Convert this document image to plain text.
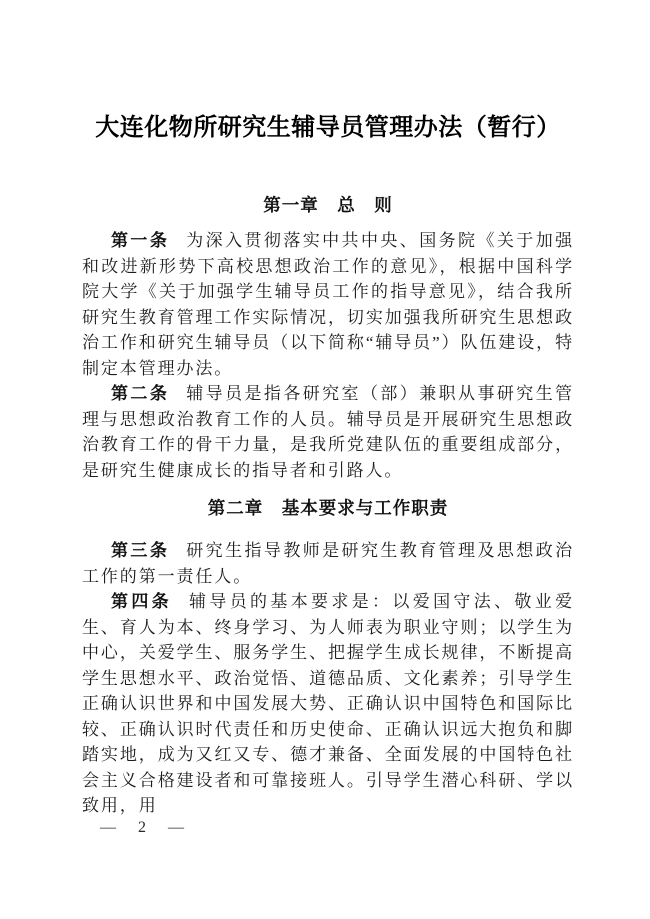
大连化物所研究生辅导员管理办法（暂行）
第一章　总　则

第一条 为深入贯彻落实中共中央、国务院《关于加强和改进新形势下高校思想政治工作的意见》，根据中国科学院大学《关于加强学生辅导员工作的指导意见》，结合我所研究生教育管理工作实际情况，切实加强我所研究生思想政治工作和研究生辅导员（以下简称“辅导员”）队伍建设，特制定本管理办法。

第二条 辅导员是指各研究室（部）兼职从事研究生管理与思想政治教育工作的人员。辅导员是开展研究生思想政治教育工作的骨干力量，是我所党建队伍的重要组成部分，是研究生健康成长的指导者和引路人。

第二章　基本要求与工作职责

第三条 研究生指导教师是研究生教育管理及思想政治工作的第一责任人。

第四条 辅导员的基本要求是：以爱国守法、敬业爱生、育人为本、终身学习、为人师表为职业守则；以学生为中心，关爱学生、服务学生、把握学生成长规律，不断提高学生思想水平、政治觉悟、道德品质、文化素养；引导学生正确认识世界和中国发展大势、正确认识中国特色和国际比较、正确认识时代责任和历史使命、正确认识远大抱负和脚踏实地，成为又红又专、德才兼备、全面发展的中国特色社会主义合格建设者和可靠接班人。引导学生潜心科研、学以致用，用

— 2 —
